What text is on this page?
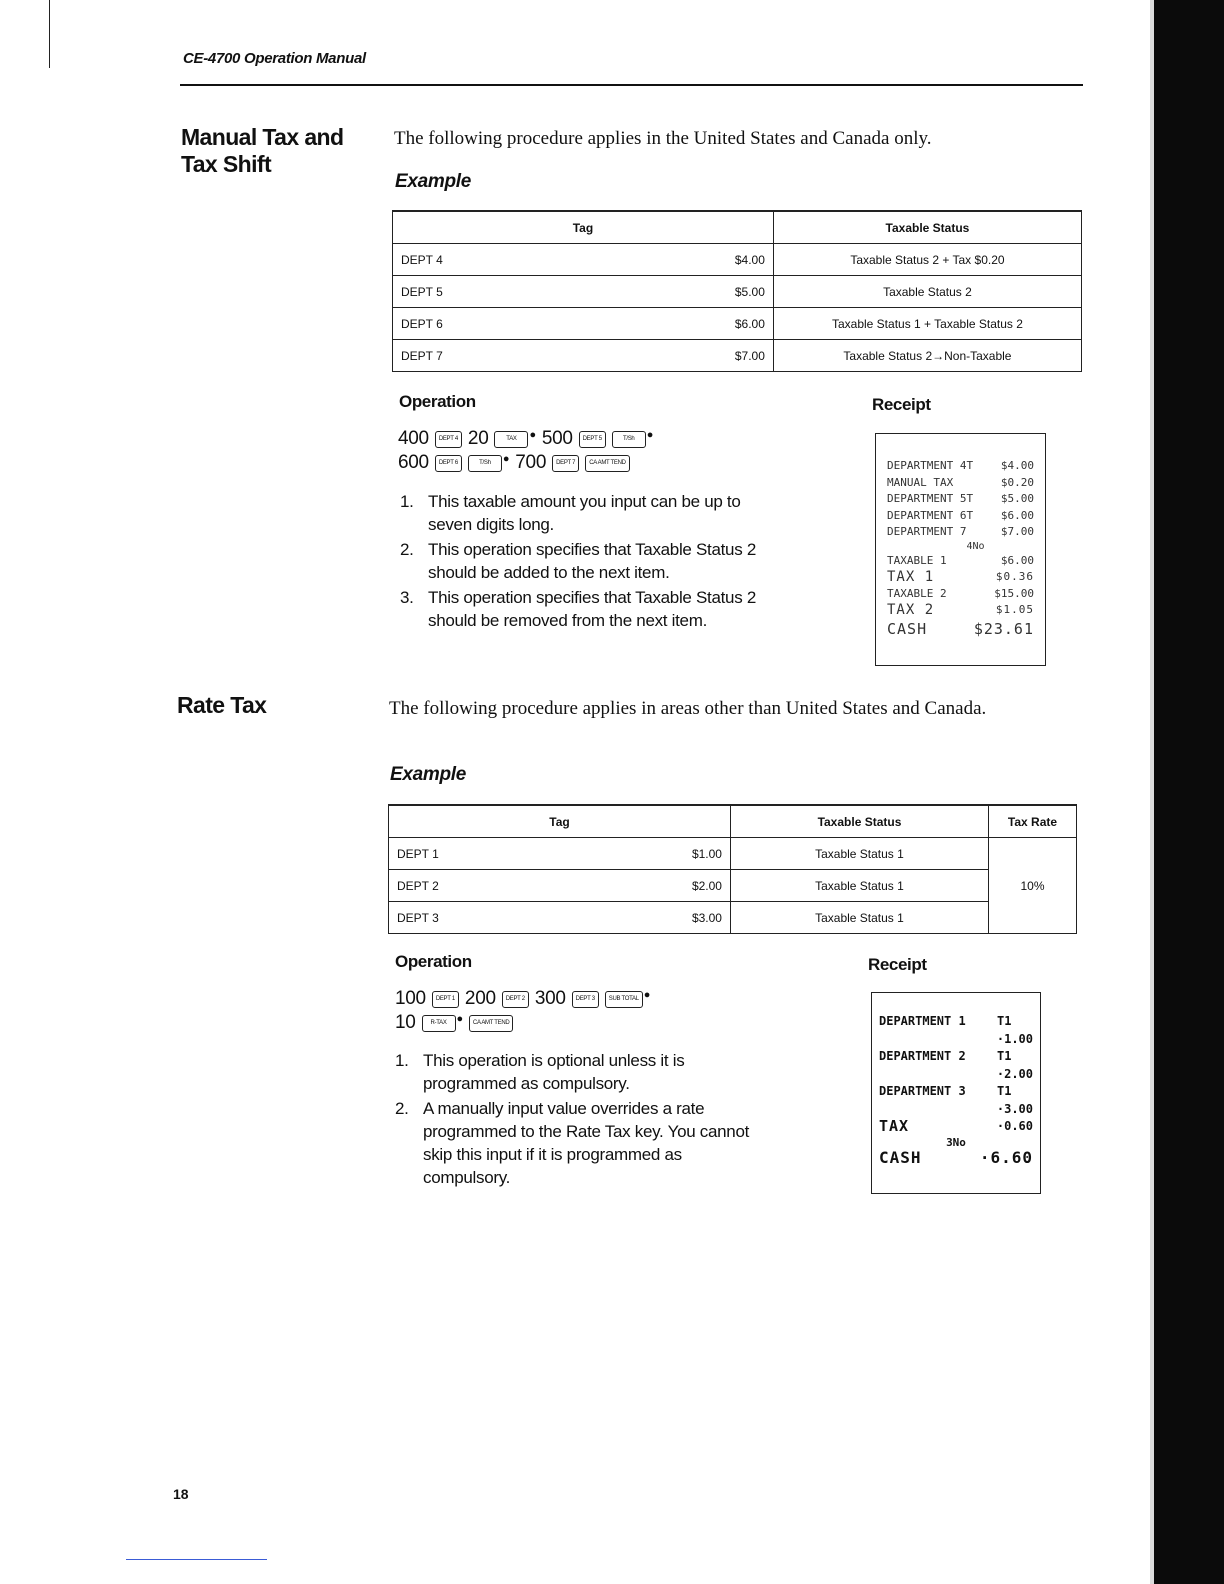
CE-4700 Operation Manual
Manual Tax and
Tax Shift
The following procedure applies in the United States and Canada only.
Example
Tag		Taxable Status
DEPT 4	$4.00	Taxable Status 2 + Tax $0.20
DEPT 5	$5.00	Taxable Status 2
DEPT 6	$6.00	Taxable Status 1 + Taxable Status 2
DEPT 7	$7.00	Taxable Status 2→Non-Taxable
Operation	Receipt
400	DEPT 4 20	TAX	● 500	DEPT 5	T/Sh	●
600	DEPT 6	T/Sh	● 700	DEPT 7	CA AMT TEND
1. This taxable amount you input can be up to seven digits long.
2. This operation specifies that Taxable Status 2 should be added to the next item.
3. This operation specifies that Taxable Status 2 should be removed from the next item.
DEPARTMENT 4T	$4.00
MANUAL TAX	$0.20
DEPARTMENT 5T	$5.00
DEPARTMENT 6T	$6.00
DEPARTMENT 7	$7.00
4No
TAXABLE 1	$6.00
TAX 1	$0.36
TAXABLE 2	$15.00
TAX 2	$1.05
CASH	$23.61
Rate Tax	The following procedure applies in areas other than United States and Canada.
Example
Tag		Taxable Status	Tax Rate
DEPT 1	$1.00	Taxable Status 1	10%
DEPT 2	$2.00	Taxable Status 1	
DEPT 3	$3.00	Taxable Status 1	
Operation	Receipt
100	DEPT 1 200	DEPT 2 300	DEPT 3	SUB TOTAL ●
10	R-TAX ●	CA AMT TEND
1. This operation is optional unless it is programmed as compulsory.
2. A manually input value overrides a rate programmed to the Rate Tax key. You cannot skip this input if it is programmed as compulsory.
DEPARTMENT 1	T1
·1.00
DEPARTMENT 2	T1
·2.00
DEPARTMENT 3	T1
·3.00
TAX	·0.60
3No
CASH	·6.60
18
